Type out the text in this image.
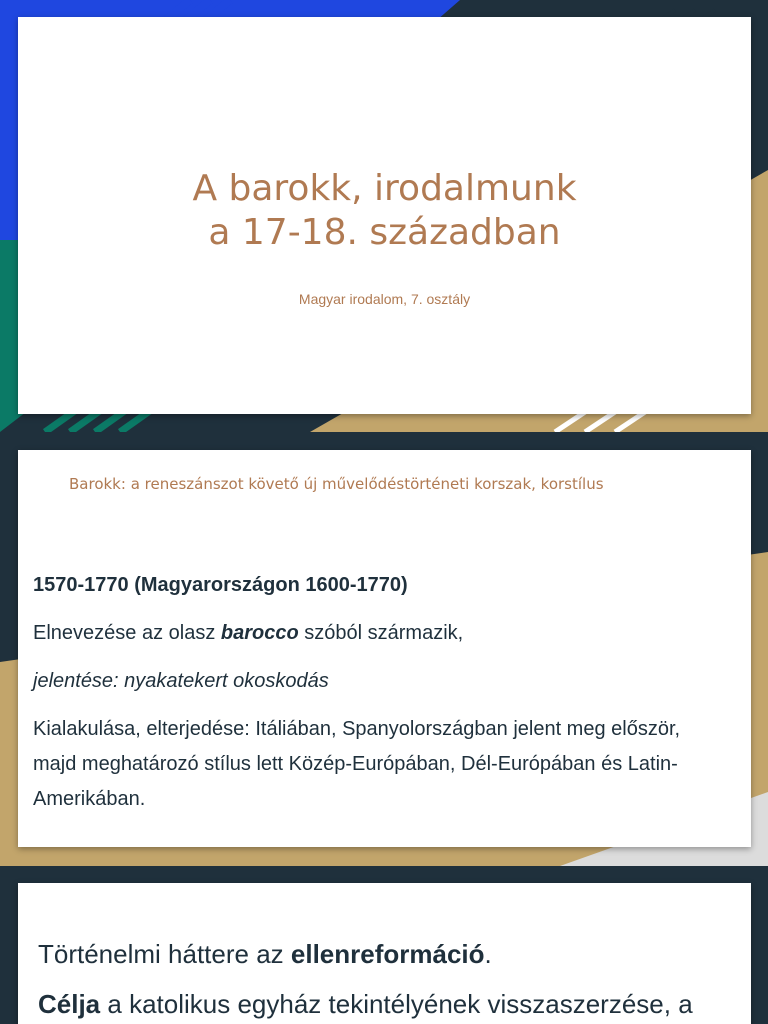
A barokk, irodalmunk
a 17-18. században
Magyar irodalom, 7. osztály
Barokk: a reneszánszot követő új művelődéstörténeti korszak, korstílus

1570-1770 (Magyarországon 1600-1770)

Elnevezése az olasz barocco szóból származik,

jelentése: nyakatekert okoskodás

Kialakulása, elterjedése: Itáliában, Spanyolországban jelent meg először, majd meghatározó stílus lett Közép-Európában, Dél-Európában és Latin-Amerikában.

Történelmi háttere az ellenreformáció.

Célja a katolikus egyház tekintélyének visszaszerzése, a
